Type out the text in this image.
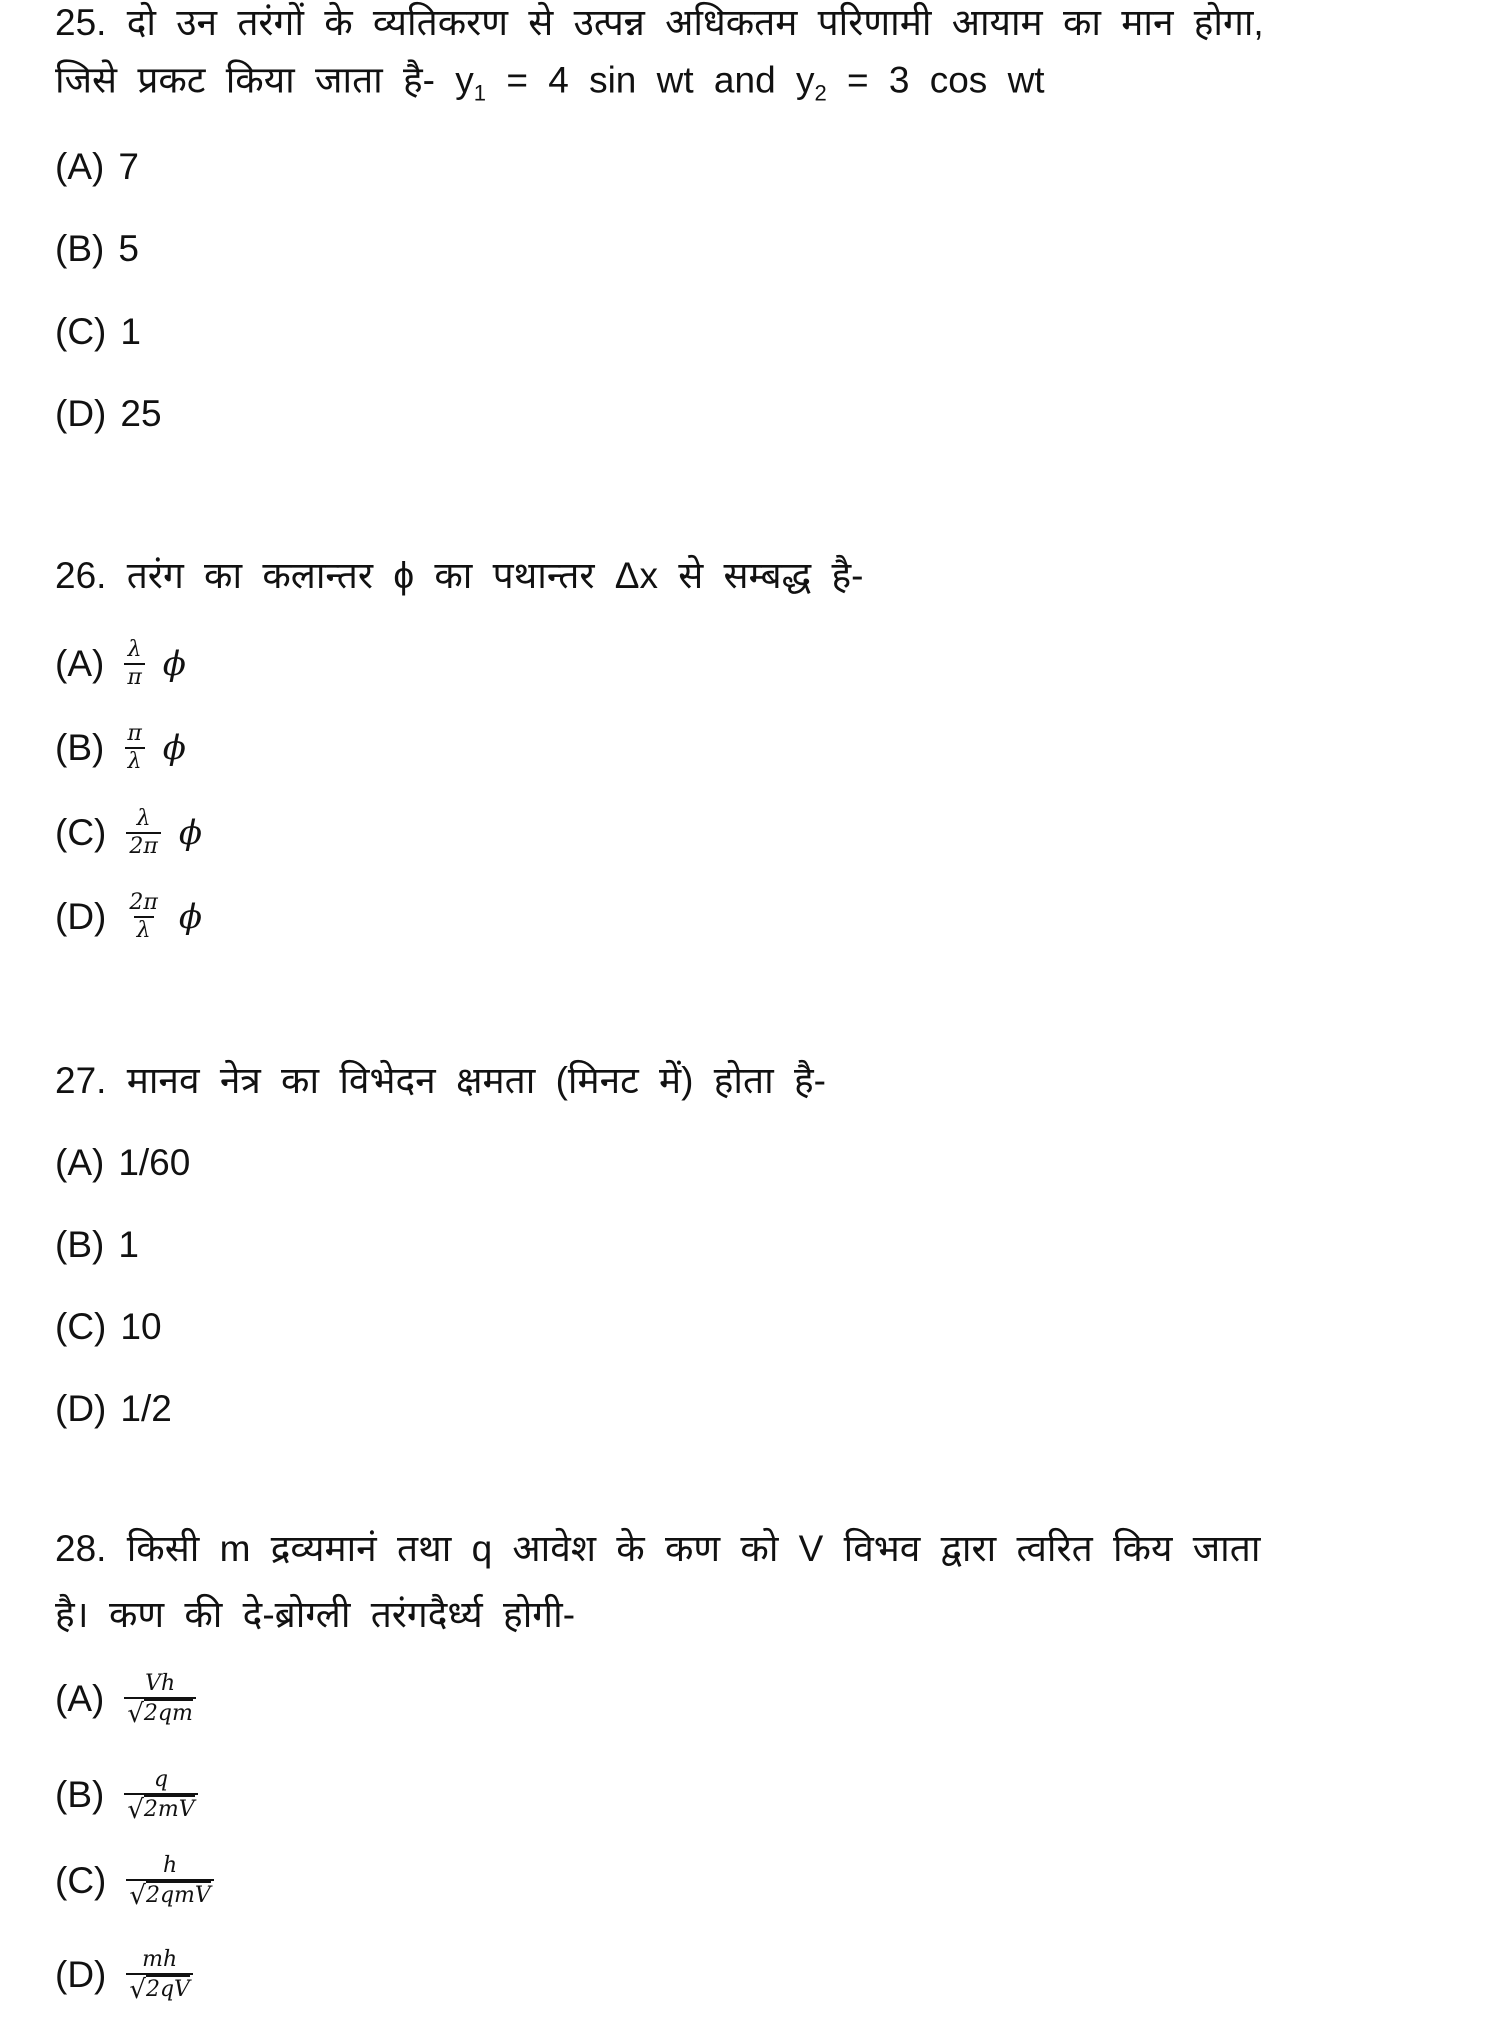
25. दो उन तरंगों के व्यतिकरण से उत्पन्न अधिकतम परिणामी आयाम का मान होगा,
जिसे प्रकट किया जाता है- $y_1 = 4$ sin wt and $y_2 = 3$ cos wt
(A) 7
(B) 5
(C) 1
(D) 25
26. तरंग का कलान्तर ϕ का पथान्तर Δx से सम्बद्ध है-
$(A) \frac{\lambda}{\pi}$ ϕ
$(B) \frac{\pi}{\lambda}$ ϕ
$(C) \frac{\lambda}{2\pi}$ ϕ
$(D) \frac{2\pi}{\lambda}$ ϕ
27. मानव नेत्र का विभेदन क्षमता (मिनट में) होता है-
(A) 1/60
(B) 1
(C) 10
(D) 1/2
28. किसी m द्रव्यमानं तथा q आवेश के कण को V विभव द्वारा त्वरित किय जाता
है। कण की दे-ब्रोग्ली तरंगदैर्ध्य होगी-
$(A) \frac{Vh}{√ 2qm}$
$(B) \frac{q}{√ 2mV}$
$(C) \frac{h}{\text{√ 2qmV}}$
$(D) \frac{mh}{√ 2qV}$
